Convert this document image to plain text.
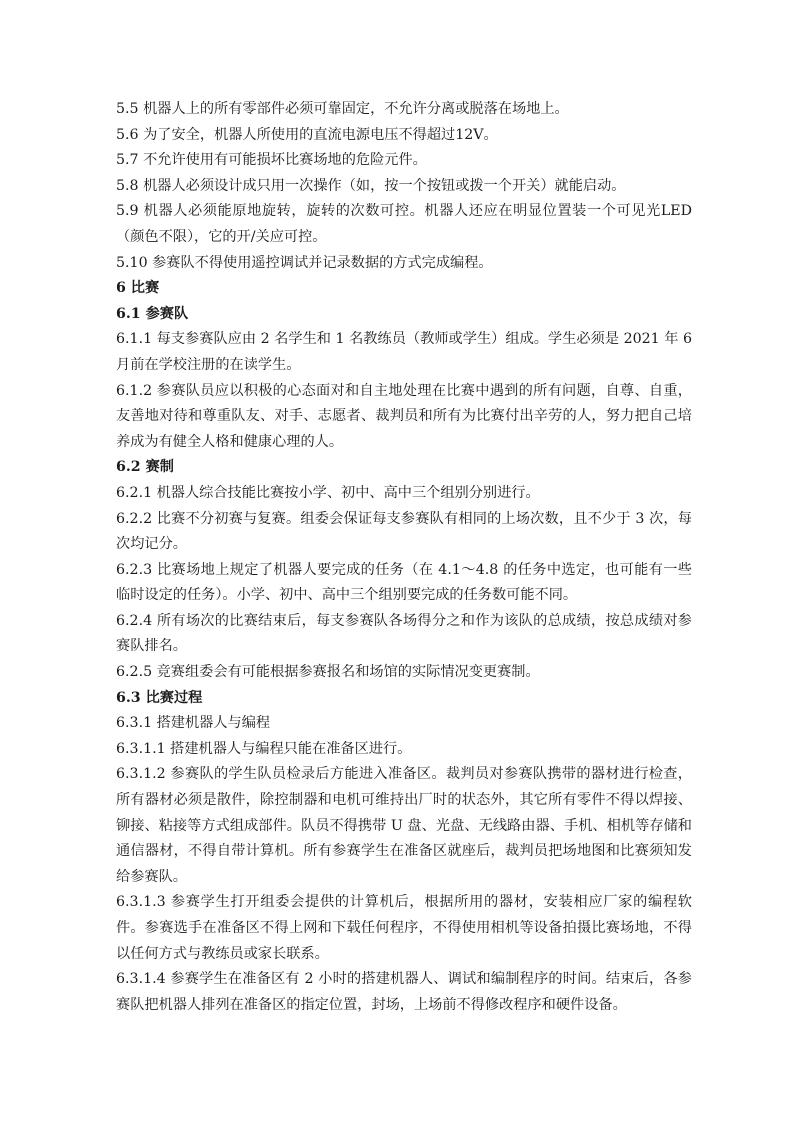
5.5 机器人上的所有零部件必须可靠固定，不允许分离或脱落在场地上。

5.6 为了安全，机器人所使用的直流电源电压不得超过12V。

5.7 不允许使用有可能损坏比赛场地的危险元件。

5.8 机器人必须设计成只用一次操作（如，按一个按钮或拨一个开关）就能启动。

5.9 机器人必须能原地旋转，旋转的次数可控。机器人还应在明显位置装一个可见光LED（颜色不限），它的开/关应可控。

5.10 参赛队不得使用遥控调试并记录数据的方式完成编程。

6 比赛

6.1 参赛队

6.1.1 每支参赛队应由 2 名学生和 1 名教练员（教师或学生）组成。学生必须是 2021 年 6 月前在学校注册的在读学生。

6.1.2 参赛队员应以积极的心态面对和自主地处理在比赛中遇到的所有问题，自尊、自重，友善地对待和尊重队友、对手、志愿者、裁判员和所有为比赛付出辛劳的人，努力把自己培养成为有健全人格和健康心理的人。

6.2 赛制

6.2.1 机器人综合技能比赛按小学、初中、高中三个组别分别进行。

6.2.2 比赛不分初赛与复赛。组委会保证每支参赛队有相同的上场次数，且不少于 3 次，每次均记分。

6.2.3 比赛场地上规定了机器人要完成的任务（在 4.1～4.8 的任务中选定，也可能有一些临时设定的任务）。小学、初中、高中三个组别要完成的任务数可能不同。

6.2.4 所有场次的比赛结束后，每支参赛队各场得分之和作为该队的总成绩，按总成绩对参赛队排名。

6.2.5 竞赛组委会有可能根据参赛报名和场馆的实际情况变更赛制。

6.3 比赛过程

6.3.1 搭建机器人与编程

6.3.1.1 搭建机器人与编程只能在准备区进行。

6.3.1.2 参赛队的学生队员检录后方能进入准备区。裁判员对参赛队携带的器材进行检查，所有器材必须是散件，除控制器和电机可维持出厂时的状态外，其它所有零件不得以焊接、铆接、粘接等方式组成部件。队员不得携带 U 盘、光盘、无线路由器、手机、相机等存储和通信器材，不得自带计算机。所有参赛学生在准备区就座后，裁判员把场地图和比赛须知发给参赛队。

6.3.1.3 参赛学生打开组委会提供的计算机后，根据所用的器材，安装相应厂家的编程软件。参赛选手在准备区不得上网和下载任何程序，不得使用相机等设备拍摄比赛场地，不得以任何方式与教练员或家长联系。

6.3.1.4 参赛学生在准备区有 2 小时的搭建机器人、调试和编制程序的时间。结束后，各参赛队把机器人排列在准备区的指定位置，封场，上场前不得修改程序和硬件设备。
